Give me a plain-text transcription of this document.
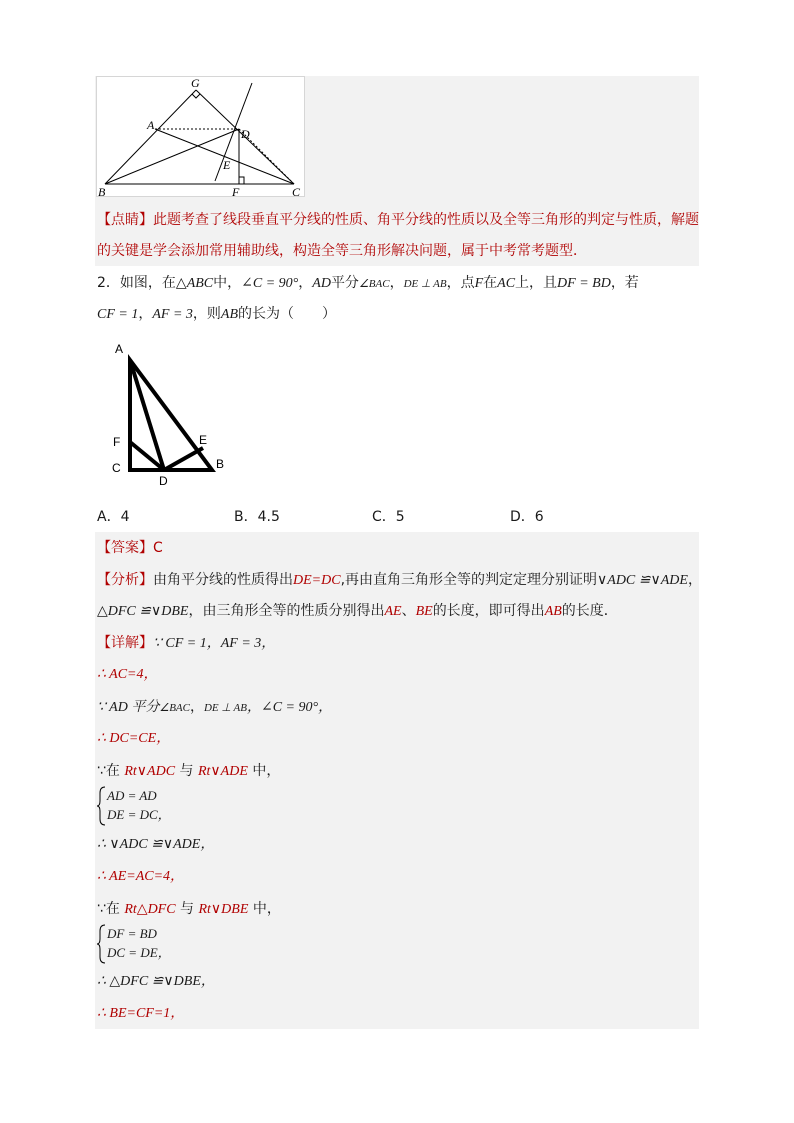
G
A
D
E
B	F	C
【点睛】此题考查了线段垂直平分线的性质、角平分线的性质以及全等三角形的判定与性质，解题
的关键是学会添加常用辅助线，构造全等三角形解决问题，属于中考常考题型．
2．如图，在△ABC中，∠C = 90°，AD平分∠BAC，DE ⊥ AB，点F在AC上，且DF = BD，若
CF = 1，AF = 3，则AB的长为（　　）
A
F
C
D
E
B
A．4	B．4.5	C．5	D．6
【答案】C
【分析】由角平分线的性质得出DE=DC,再由直角三角形全等的判定定理分别证明∨ADC ≌∨ADE，
△DFC ≌∨DBE，由三角形全等的性质分别得出AE、BE的长度，即可得出AB的长度．
【详解】∵ CF = 1，AF = 3，
∴ AC=4，
∵ AD 平分∠BAC，DE ⊥ AB，∠C = 90°，
∴ DC=CE，
∵在 Rt∨ADC 与 Rt∨ADE 中，
AD = AD
DE = DC，
∴ ∨ADC ≌∨ADE，
∴ AE=AC=4，
∵在 Rt△DFC 与 Rt∨DBE 中，
DF = BD
DC = DE，
∴ △DFC ≌∨DBE，
∴ BE=CF=1，
